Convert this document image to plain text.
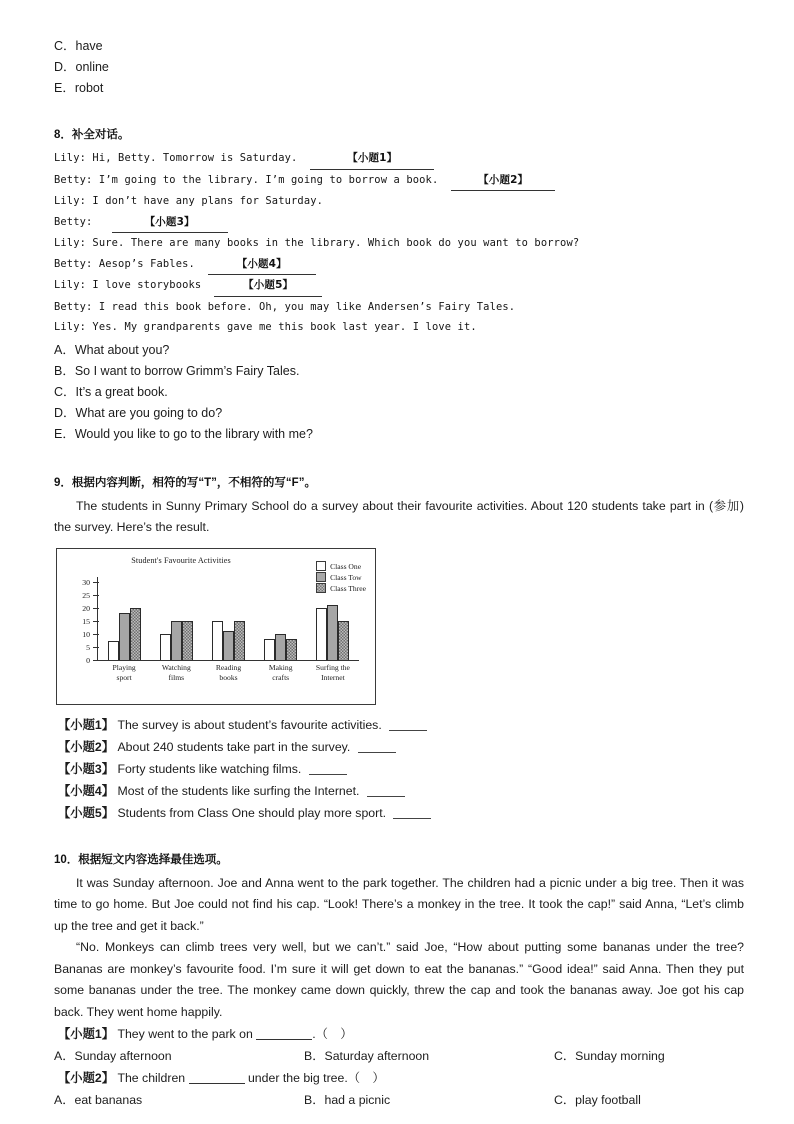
C．have
D．online
E．robot
8．补全对话。
Lily: Hi, Betty. Tomorrow is Saturday.	【小题1】
Betty: I’m going to the library. I’m going to borrow a book.	【小题2】
Lily: I don’t have any plans for Saturday.
Betty:	【小题3】
Lily: Sure. There are many books in the library. Which book do you want to borrow?
Betty: Aesop’s Fables.	【小题4】
Lily: I love storybooks	【小题5】
Betty: I read this book before. Oh, you may like Andersen’s Fairy Tales.
Lily: Yes. My grandparents gave me this book last year. I love it.
A．What about you?
B．So I want to borrow Grimm’s Fairy Tales.
C．It’s a great book.
D．What are you going to do?
E．Would you like to go to the library with me?
9．根据内容判断，相符的写“T”，不相符的写“F”。
The students in Sunny Primary School do a survey about their favourite activities. About 120 students take part in (参加) the survey. Here’s the result.
Student's Favourite Activities
Class One
Class Tow
Class Three
0
5
10
15
20
25
30
Playing
sport
Watching
films
Reading
books
Making
crafts
Surfing the
Internet
【小题1】 The survey is about student’s favourite activities.
【小题2】 About 240 students take part in the survey.
【小题3】 Forty students like watching films.
【小题4】 Most of the students like surfing the Internet.
【小题5】 Students from Class One should play more sport.
10．根据短文内容选择最佳选项。
It was Sunday afternoon. Joe and Anna went to the park together. The children had a picnic under a big tree. Then it was time to go home. But Joe could not find his cap. “Look! There’s a monkey in the tree. It took the cap!” said Anna, “Let’s climb up the tree and get it back.”
“No. Monkeys can climb trees very well, but we can’t.” said Joe, “How about putting some bananas under the tree? Bananas are monkey’s favourite food. I’m sure it will get down to eat the bananas.” “Good idea!” said Anna. Then they put some bananas under the tree. The monkey came down quickly, threw the cap and took the bananas away. Joe got his cap back. They went home happily.
【小题1】 They went to the park on	.（　）
A．Sunday afternoon	B．Saturday afternoon	C．Sunday morning
【小题2】 The children	under the big tree.（　）
A．eat bananas	B．had a picnic	C．play football
